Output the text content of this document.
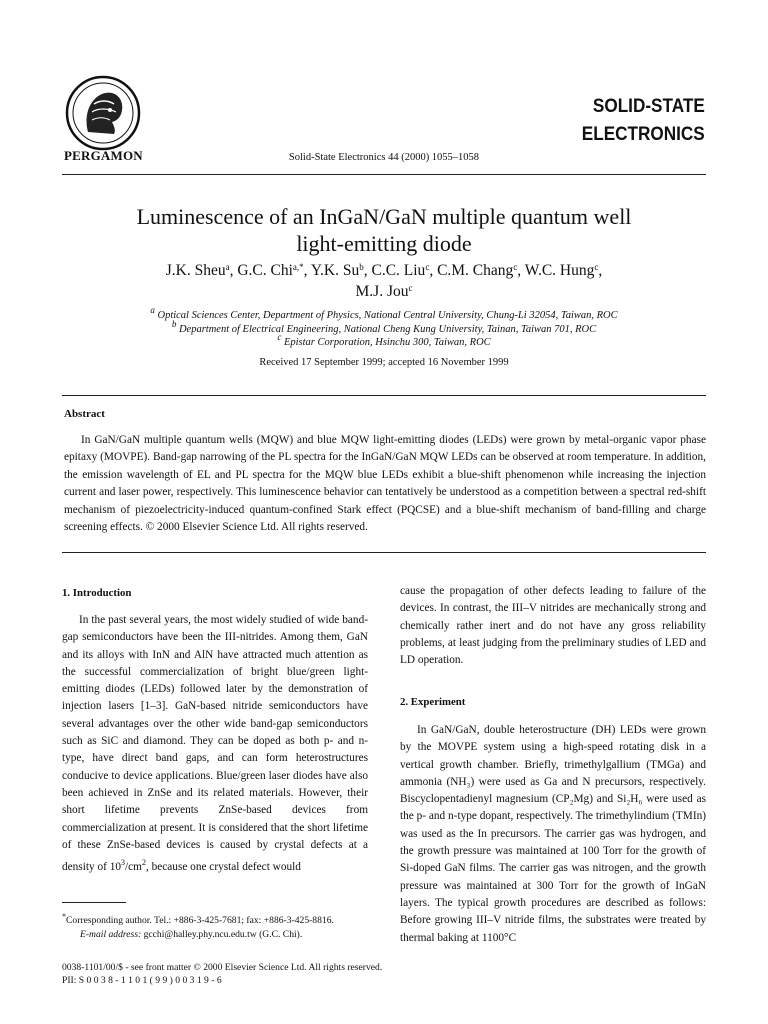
PERGAMON	Solid-State Electronics 44 (2000) 1055–1058
SOLID-STATE
ELECTRONICS
Luminescence of an InGaN/GaN multiple quantum well
light-emitting diode
J.K. Sheu$^a$, G.C. Chi$^{a,*}$, Y.K. Su$^b$, C.C. Liu$^c$, C.M. Chang$^c$, W.C. Hung$^c$,
M.J. Jou$^c$
$^a$ Optical Sciences Center, Department of Physics, National Central University, Chung-Li 32054, Taiwan, ROC
$^b$ Department of Electrical Engineering, National Cheng Kung University, Tainan, Taiwan 701, ROC
$^c$ Epistar Corporation, Hsinchu 300, Taiwan, ROC
Received 17 September 1999; accepted 16 November 1999
Abstract
In GaN/GaN multiple quantum wells (MQW) and blue MQW light-emitting diodes (LEDs) were grown by metal-organic vapor phase epitaxy (MOVPE). Band-gap narrowing of the PL spectra for the InGaN/GaN MQW LEDs can be observed at room temperature. In addition, the emission wavelength of EL and PL spectra for the MQW blue LEDs exhibit a blue-shift phenomenon while increasing the injection current and laser power, respectively. This luminescence behavior can tentatively be understood as a competition between a spectral red-shift mechanism of piezoelectricity-induced quantum-confined Stark effect (PQCSE) and a blue-shift mechanism of band-filling and charge screening effects. © 2000 Elsevier Science Ltd. All rights reserved.
1. Introduction
In the past several years, the most widely studied of wide band-gap semiconductors have been the III-nitrides. Among them, GaN and its alloys with InN and AlN have attracted much attention as the successful commercialization of bright blue/green light-emitting diodes (LEDs) followed later by the demonstration of injection lasers [1–3]. GaN-based nitride semiconductors have several advantages over the other wide band-gap semiconductors such as SiC and diamond. They can be doped as both p- and n-type, have direct band gaps, and can form heterostructures conducive to device applications. Blue/green laser diodes have also been achieved in ZnSe and its related materials. However, their short lifetime prevents ZnSe-based devices from commercialization at present. It is considered that the short lifetime of these ZnSe-based devices is caused by crystal defects at a density of $10^3/cm^2$, because one crystal defect would

*Corresponding author. Tel.: +886-3-425-7681; fax: +886-3-425-8816.

E-mail address: gcchi@halley.phy.ncu.edu.tw (G.C. Chi).

cause the propagation of other defects leading to failure of the devices. In contrast, the III–V nitrides are mechanically strong and chemically rather inert and do not have any gross reliability problems, at least judging from the preliminary studies of LED and LD operation.
2. Experiment
In GaN/GaN, double heterostructure (DH) LEDs were grown by the MOVPE system using a high-speed rotating disk in a vertical growth chamber. Briefly, trimethylgallium (TMGa) and ammonia (NH₃) were used as Ga and N precursors, respectively. Biscyclopentadienyl magnesium (CP₂Mg) and Si₂H₆ were used as the p- and n-type dopant, respectively. The trimethylindium (TMIn) was used as the In precursors. The carrier gas was hydrogen, and the growth pressure was maintained at 100 Torr for the growth of Si-doped GaN films. The carrier gas was nitrogen, and the growth pressure was maintained at 300 Torr for the growth of InGaN layers. The typical growth procedures are described as follows: Before growing III–V nitride films, the substrates were treated by thermal baking at 1100°C

0038-1101/00/$ - see front matter © 2000 Elsevier Science Ltd. All rights reserved.

PII: S 0 0 3 8 - 1 1 0 1 ( 9 9 ) 0 0 3 1 9 - 6
